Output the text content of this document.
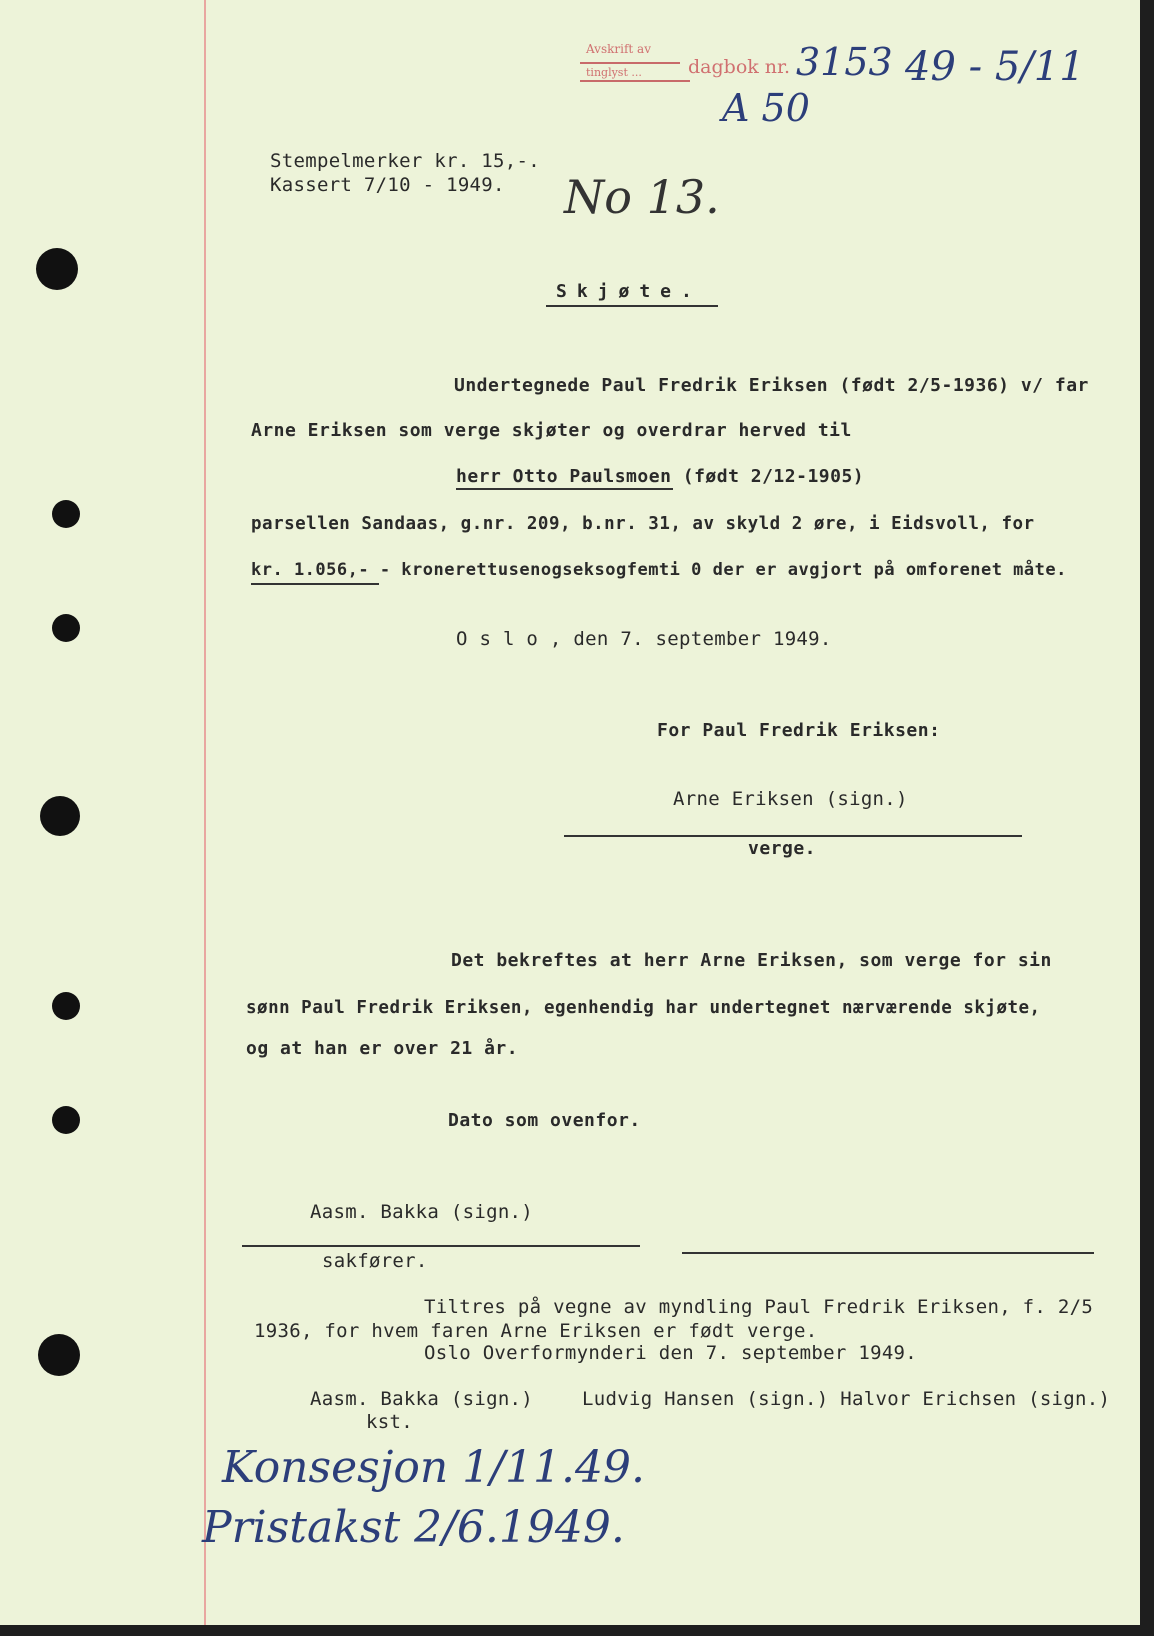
Avskrift av
tinglyst ... dagbok nr. 3153 49 - 5/11
A 50
Stempelmerker kr. 15,-.
Kassert 7/10 - 1949. No 13.
Skjøte.
Undertegnede Paul Fredrik Eriksen (født 2/5-1936) v/ far
Arne Eriksen som verge skjøter og overdrar herved til
herr Otto Paulsmoen (født 2/12-1905)
parsellen Sandaas, g.nr. 209, b.nr. 31, av skyld 2 øre, i Eidsvoll, for
kr. 1.056,- - kronerettusenogseksogfemti 0 der er avgjort på omforenet måte.
O s l o , den 7. september 1949.
For Paul Fredrik Eriksen:
Arne Eriksen (sign.)
verge.
Det bekreftes at herr Arne Eriksen, som verge for sin
sønn Paul Fredrik Eriksen, egenhendig har undertegnet nærværende skjøte,
og at han er over 21 år.
Dato som ovenfor.
Aasm. Bakka (sign.)
sakfører.
Tiltres på vegne av myndling Paul Fredrik Eriksen, f. 2/5
1936, for hvem faren Arne Eriksen er født verge.
Oslo Overformynderi den 7. september 1949.
Aasm. Bakka (sign.)
kst.
Ludvig Hansen (sign.) Halvor Erichsen (sign.)
Konsesjon 1/11.49.
Pristakst 2/6.1949.
